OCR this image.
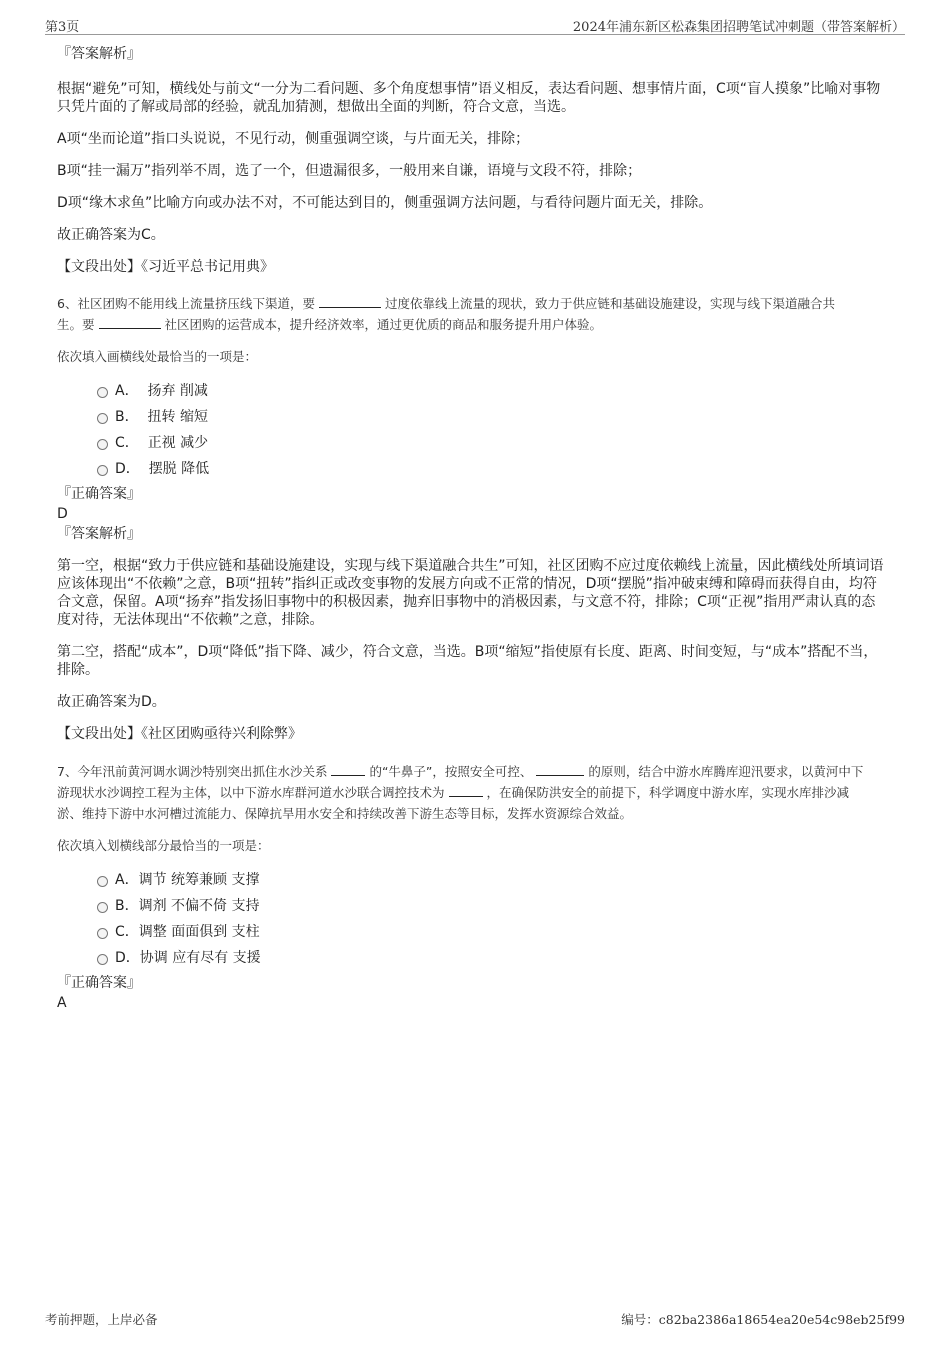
第3页	2024年浦东新区松森集团招聘笔试冲刺题（带答案解析）

『答案解析』

根据“避免”可知，横线处与前文“一分为二看问题、多个角度想事情”语义相反，表达看问题、想事情片面，C项“盲人摸象”比喻对事物只凭片面的了解或局部的经验，就乱加猜测，想做出全面的判断，符合文意，当选。

A项“坐而论道”指口头说说，不见行动，侧重强调空谈，与片面无关，排除；

B项“挂一漏万”指列举不周，选了一个，但遗漏很多，一般用来自谦，语境与文段不符，排除；

D项“缘木求鱼”比喻方向或办法不对，不可能达到目的，侧重强调方法问题，与看待问题片面无关，排除。

故正确答案为C。

【文段出处】《习近平总书记用典》

6、社区团购不能用线上流量挤压线下渠道，要	过度依靠线上流量的现状，致力于供应链和基础设施建设，实现与线下渠道融合共
生。要	社区团购的运营成本，提升经济效率，通过更优质的商品和服务提升用户体验。

依次填入画横线处最恰当的一项是：

A． 扬弃 削减
B． 扭转 缩短
C． 正视 减少
D． 摆脱 降低

『正确答案』

D

『答案解析』

第一空，根据“致力于供应链和基础设施建设，实现与线下渠道融合共生”可知，社区团购不应过度依赖线上流量，因此横线处所填词语应该体现出“不依赖”之意，B项“扭转”指纠正或改变事物的发展方向或不正常的情况，D项“摆脱”指冲破束缚和障碍而获得自由，均符合文意，保留。A项“扬弃”指发扬旧事物中的积极因素，抛弃旧事物中的消极因素，与文意不符，排除；C项“正视”指用严肃认真的态度对待，无法体现出“不依赖”之意，排除。

第二空，搭配“成本”，D项“降低”指下降、减少，符合文意，当选。B项“缩短”指使原有长度、距离、时间变短，与“成本”搭配不当，排除。

故正确答案为D。

【文段出处】《社区团购亟待兴利除弊》

7、今年汛前黄河调水调沙特别突出抓住水沙关系	的“牛鼻子”，按照安全可控、	的原则，结合中游水库腾库迎汛要求，以黄河中下
游现状水沙调控工程为主体，以中下游水库群河道水沙联合调控技术为	，在确保防洪安全的前提下，科学调度中游水库，实现水库排沙减
淤、维持下游中水河槽过流能力、保障抗旱用水安全和持续改善下游生态等目标，发挥水资源综合效益。

依次填入划横线部分最恰当的一项是：

A．调节 统筹兼顾 支撑
B．调剂 不偏不倚 支持
C．调整 面面俱到 支柱
D．协调 应有尽有 支援

『正确答案』

A

考前押题，上岸必备	编号：c82ba2386a18654ea20e54c98eb25f99
